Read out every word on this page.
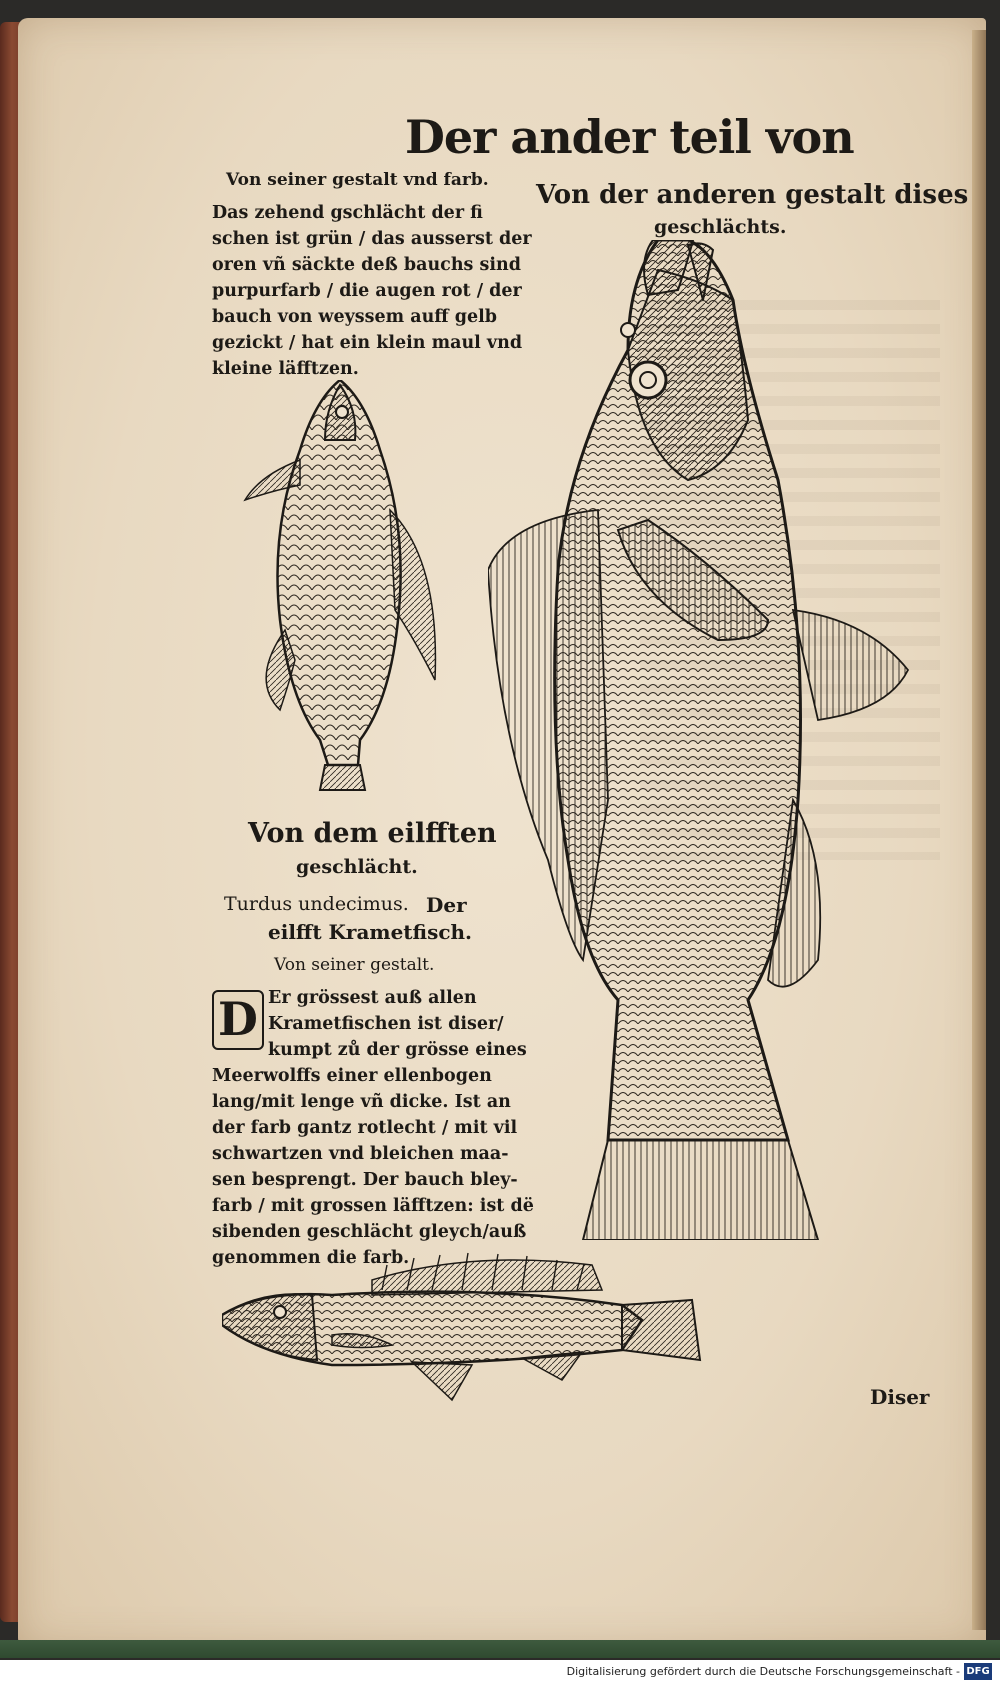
Der ander teil von
Von seiner gestalt vnd farb.
Das zehend gschlächt der fi
schen ist grün / das ausserst der
oren vñ säckte deß bauchs sind
purpurfarb / die augen rot / der
bauch von weyssem auff gelb
gezickt / hat ein klein maul vnd
kleine läfftzen.
Von dem eilfften
geschlächt.
Turdus undecimus. Der
eilfft Krametfisch.
Von seiner gestalt.
D Er grössest auß allen
Krametfischen ist diser/
kumpt zů der grösse eines
Meerwolffs einer ellenbogen
lang/mit lenge vñ dicke. Ist an
der farb gantz rotlecht / mit vil
schwartzen vnd bleichen maa-
sen besprengt. Der bauch bley-
farb / mit grossen läfftzen: ist dë
sibenden geschlächt gleych/auß
genommen die farb.
Von der anderen gestalt dises
geschlächts.
Diser
Digitalisierung gefördert durch die Deutsche Forschungsgemeinschaft - DFG
